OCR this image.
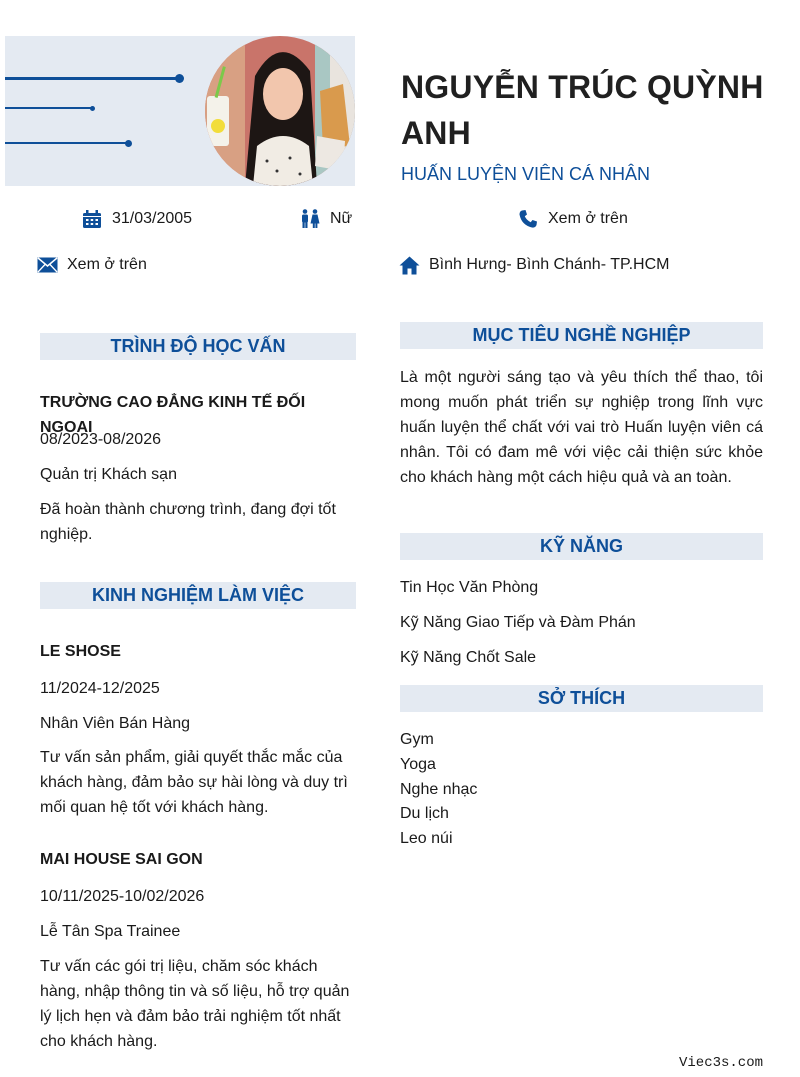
NGUYỄN TRÚC QUỲNH ANH
HUẤN LUYỆN VIÊN CÁ NHÂN
31/03/2005	Nữ	Xem ở trên
Xem ở trên	Bình Hưng- Bình Chánh- TP.HCM
TRÌNH ĐỘ HỌC VẤN
TRƯỜNG CAO ĐẲNG KINH TẾ ĐỐI NGOẠI
08/2023-08/2026
Quản trị Khách sạn
Đã hoàn thành chương trình, đang đợi tốt nghiệp.
KINH NGHIỆM LÀM VIỆC
LE SHOSE
11/2024-12/2025
Nhân Viên Bán Hàng
Tư vấn sản phẩm, giải quyết thắc mắc của khách hàng, đảm bảo sự hài lòng và duy trì mối quan hệ tốt với khách hàng.
MAI HOUSE SAI GON
10/11/2025-10/02/2026
Lễ Tân Spa Trainee
Tư vấn các gói trị liệu, chăm sóc khách hàng, nhập thông tin và số liệu, hỗ trợ quản lý lịch hẹn và đảm bảo trải nghiệm tốt nhất cho khách hàng.
MỤC TIÊU NGHỀ NGHIỆP
Là một người sáng tạo và yêu thích thể thao, tôi mong muốn phát triển sự nghiệp trong lĩnh vực huấn luyện thể chất với vai trò Huấn luyện viên cá nhân. Tôi có đam mê với việc cải thiện sức khỏe cho khách hàng một cách hiệu quả và an toàn.
KỸ NĂNG
Tin Học Văn Phòng
Kỹ Năng Giao Tiếp và Đàm Phán
Kỹ Năng Chốt Sale
SỞ THÍCH
Gym
Yoga
Nghe nhạc
Du lịch
Leo núi
Viec3s.com
